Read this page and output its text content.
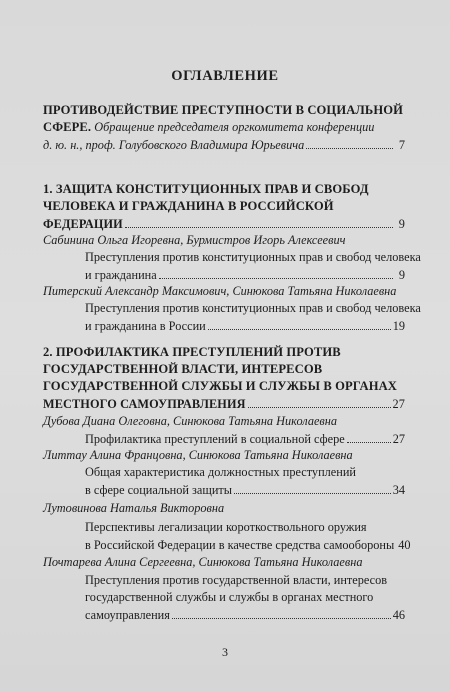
ОГЛАВЛЕНИЕ
ПРОТИВОДЕЙСТВИЕ ПРЕСТУПНОСТИ В СОЦИАЛЬНОЙ
СФЕРЕ. Обращение председателя оргкомитета конференции
д. ю. н., проф. Голубовского Владимира Юрьевича	7
1. ЗАЩИТА КОНСТИТУЦИОННЫХ ПРАВ И СВОБОД
ЧЕЛОВЕКА И ГРАЖДАНИНА В РОССИЙСКОЙ
ФЕДЕРАЦИИ	9
Сабинина Ольга Игоревна, Бурмистров Игорь Алексеевич
Преступления против конституционных прав и свобод человека
и гражданина	9
Питерский Александр Максимович, Синюкова Татьяна Николаевна
Преступления против конституционных прав и свобод человека
и гражданина в России	19
2. ПРОФИЛАКТИКА ПРЕСТУПЛЕНИЙ ПРОТИВ
ГОСУДАРСТВЕННОЙ ВЛАСТИ, ИНТЕРЕСОВ
ГОСУДАРСТВЕННОЙ СЛУЖБЫ И СЛУЖБЫ В ОРГАНАХ
МЕСТНОГО САМОУПРАВЛЕНИЯ	27
Дубова Диана Олеговна, Синюкова Татьяна Николаевна
Профилактика преступлений в социальной сфере	27
Литтау Алина Францовна, Синюкова Татьяна Николаевна
Общая характеристика должностных преступлений
в сфере социальной защиты	34
Лутовинова Наталья Викторовна
Перспективы легализации короткоствольного оружия
в Российской Федерации в качестве средства самообороны 40
Почтарева Алина Сергеевна, Синюкова Татьяна Николаевна
Преступления против государственной власти, интересов
государственной службы и службы в органах местного
самоуправления	46
3
